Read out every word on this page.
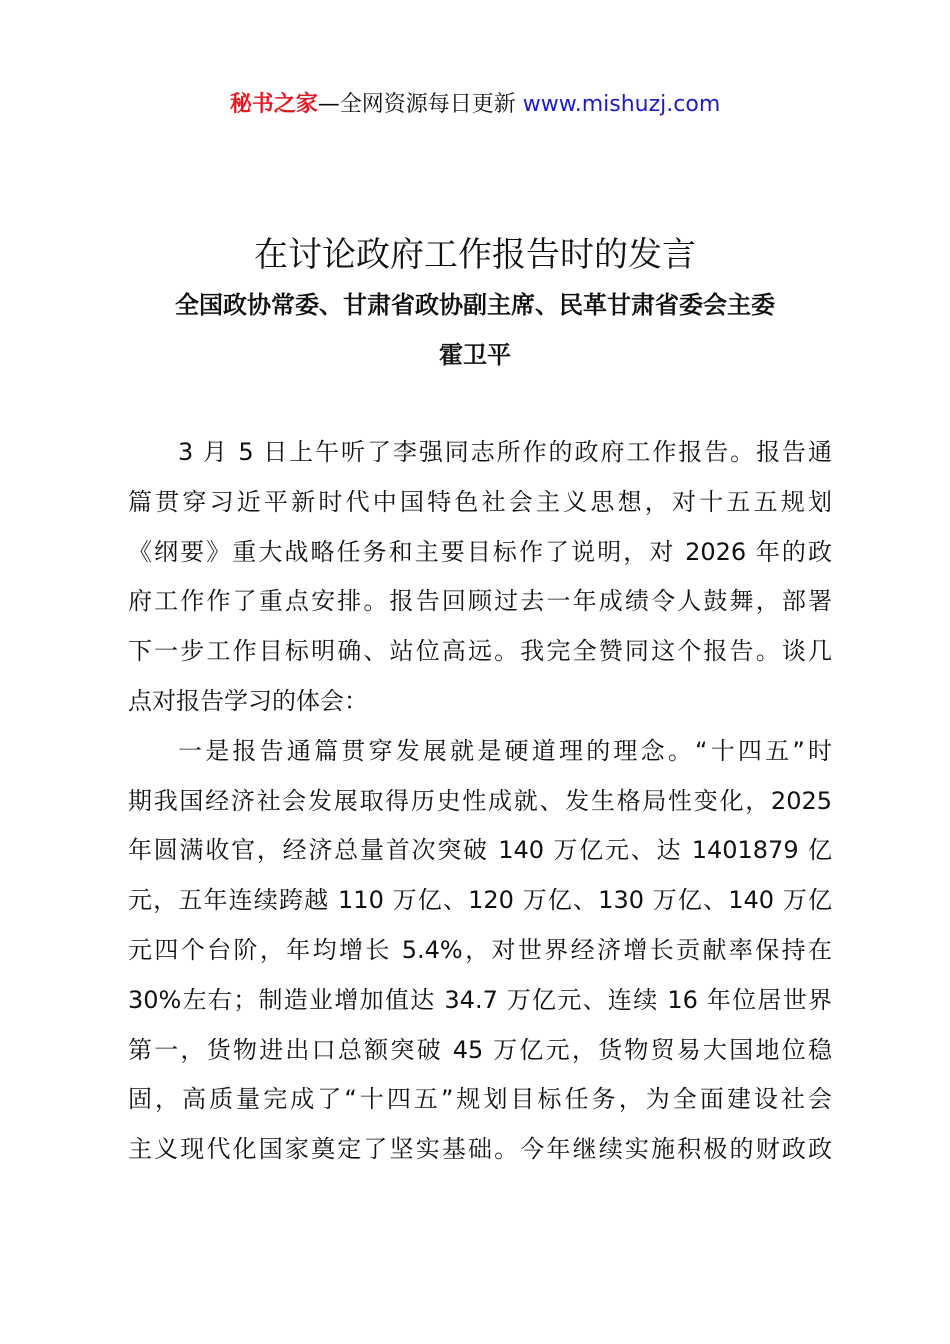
秘书之家—全网资源每日更新 www.mishuzj.com
在讨论政府工作报告时的发言
全国政协常委、甘肃省政协副主席、民革甘肃省委会主委
霍卫平
3 月 5 日上午听了李强同志所作的政府工作报告。报告通
篇贯穿习近平新时代中国特色社会主义思想，对十五五规划
《纲要》重大战略任务和主要目标作了说明，对 2026 年的政
府工作作了重点安排。报告回顾过去一年成绩令人鼓舞，部署
下一步工作目标明确、站位高远。我完全赞同这个报告。谈几
点对报告学习的体会：
一是报告通篇贯穿发展就是硬道理的理念。“十四五”时
期我国经济社会发展取得历史性成就、发生格局性变化，2025
年圆满收官，经济总量首次突破 140 万亿元、达 1401879 亿
元，五年连续跨越 110 万亿、120 万亿、130 万亿、140 万亿
元四个台阶，年均增长 5.4%，对世界经济增长贡献率保持在
30%左右；制造业增加值达 34.7 万亿元、连续 16 年位居世界
第一，货物进出口总额突破 45 万亿元，货物贸易大国地位稳
固，高质量完成了“十四五”规划目标任务，为全面建设社会
主义现代化国家奠定了坚实基础。今年继续实施积极的财政政
